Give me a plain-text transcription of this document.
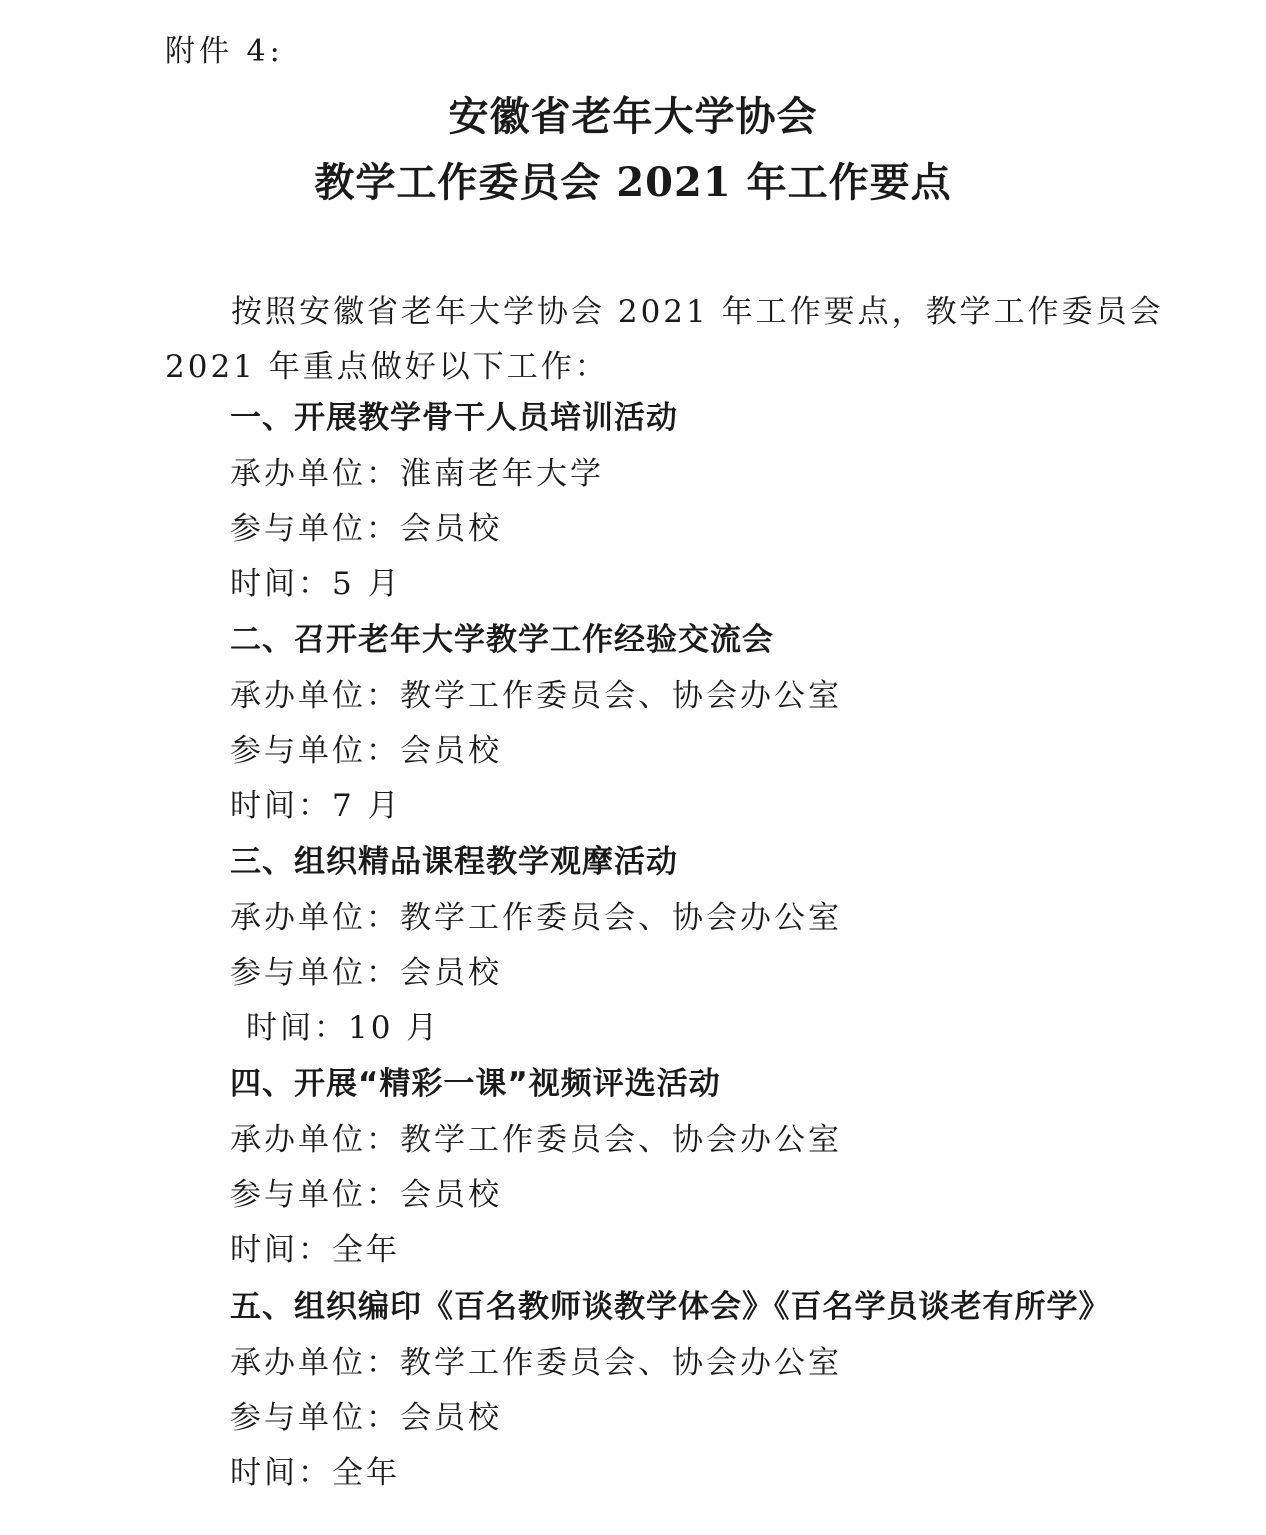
附件 4:
安徽省老年大学协会
教学工作委员会 2021 年工作要点
按照安徽省老年大学协会 2021 年工作要点，教学工作委员会
2021 年重点做好以下工作：
一、开展教学骨干人员培训活动
承办单位：淮南老年大学
参与单位：会员校
时间：5 月
二、召开老年大学教学工作经验交流会
承办单位：教学工作委员会、协会办公室
参与单位：会员校
时间：7 月
三、组织精品课程教学观摩活动
承办单位：教学工作委员会、协会办公室
参与单位：会员校
时间：10 月
四、开展“精彩一课”视频评选活动
承办单位：教学工作委员会、协会办公室
参与单位：会员校
时间：全年
五、组织编印《百名教师谈教学体会》《百名学员谈老有所学》
承办单位：教学工作委员会、协会办公室
参与单位：会员校
时间：全年
